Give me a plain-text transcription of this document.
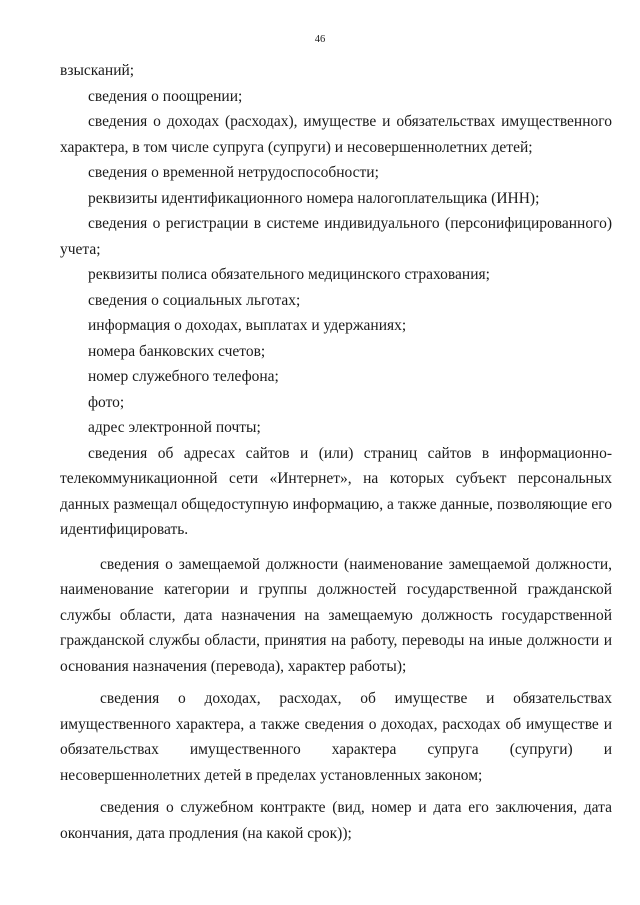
46

взысканий;

сведения о поощрении;

сведения о доходах (расходах), имуществе и обязательствах имущественного характера, в том числе супруга (супруги) и несовершеннолетних детей;

сведения о временной нетрудоспособности;

реквизиты идентификационного номера налогоплательщика (ИНН);

сведения о регистрации в системе индивидуального (персонифицированного) учета;

реквизиты полиса обязательного медицинского страхования;

сведения о социальных льготах;

информация о доходах, выплатах и удержаниях;

номера банковских счетов;

номер служебного телефона;

фото;

адрес электронной почты;

сведения об адресах сайтов и (или) страниц сайтов в информационно-телекоммуникационной сети «Интернет», на которых субъект персональных данных размещал общедоступную информацию, а также данные, позволяющие его идентифицировать.

сведения о замещаемой должности (наименование замещаемой должности, наименование категории и группы должностей государственной гражданской службы области, дата назначения на замещаемую должность государственной гражданской службы области, принятия на работу, переводы на иные должности и основания назначения (перевода), характер работы);

сведения о доходах, расходах, об имуществе и обязательствах имущественного характера, а также сведения о доходах, расходах об имуществе и обязательствах имущественного характера супруга (супруги) и несовершеннолетних детей в пределах установленных законом;

сведения о служебном контракте (вид, номер и дата его заключения, дата окончания, дата продления (на какой срок));
